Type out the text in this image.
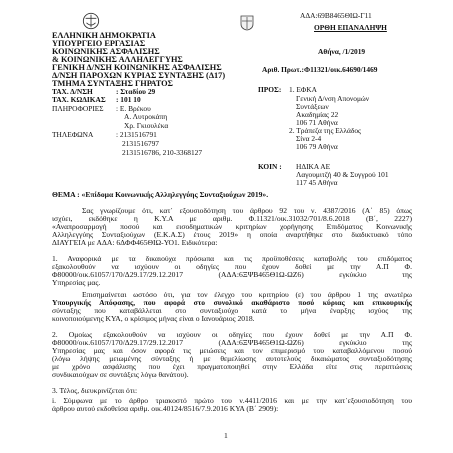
ΑΔΑ:69Β8465ΘΙΩ-Γ11
ΟΡΘΗ ΕΠΑΝΑΛΗΨΗ
Αθήνα, /1/2019
Αριθ. Πρωτ.:Φ11321/οικ.64690/1469
ΕΛΛΗΝΙΚΗ ΔΗΜΟΚΡΑΤΙΑ
ΥΠΟΥΡΓΕΙΟ ΕΡΓΑΣΙΑΣ
ΚΟΙΝΩΝΙΚΗΣ ΑΣΦΑΛΙΣΗΣ
& ΚΟΙΝΩΝΙΚΗΣ ΑΛΛΗΛΕΓΓΥΗΣ
ΓΕΝΙΚΗ Δ/ΝΣΗ ΚΟΙΝΩΝΙΚΗΣ ΑΣΦΑΛΙΣΗΣ
Δ/ΝΣΗ ΠΑΡΟΧΩΝ ΚΥΡΙΑΣ ΣΥΝΤΑΞΗΣ (Δ17)
ΤΜΗΜΑ ΣΥΝΤΑΞΗΣ ΓΗΡΑΤΟΣ
ΤΑΧ. Δ/ΝΣΗ	: Σταδίου 29
ΤΑΧ. ΚΩΔΙΚΑΣ : 101 10
ΠΛΗΡΟΦΟΡΙΕΣ : Ε. Βρέκου
Α. Λυτροκάπη
Χρ. Γκιουλέκα
ΤΗΛΕΦΩΝΑ	: 2131516791
2131516797
2131516786, 210-3368127
ΠΡΟΣ: 1. ΕΦΚΑ
Γενική Δ/νση Απονομών
Συντάξεων
Ακαδημίας 22
106 71 Αθήνα
2. Τράπεζα της Ελλάδος
Σίνα 2-4
106 79 Αθήνα
ΚΟΙΝ : ΗΔΙΚΑ ΑΕ
Λαγουμιτζή 40 & Συγγρού 101
117 45 Αθήνα
ΘΕΜΑ : «Επίδομα Κοινωνικής Αλληλεγγύης Συνταξιούχων 2019».
Σας γνωρίζουμε ότι, κατ᾽ εξουσιοδότηση του άρθρου 92 του ν. 4387/2016 (Α΄ 85) όπως
ισχύει, εκδόθηκε η Κ.Υ.Α με αριθμ. Φ.11321/οικ.31032/701/8.6.2018 (Β΄, 2227)
«Αναπροσαρμογή ποσού και εισοδηματικών κριτηρίων χορήγησης Επιδόματος Κοινωνικής
Αλληλεγγύης Συνταξιούχων (Ε.Κ.Α.Σ) έτους 2019» η οποία αναρτήθηκε στο διαδικτυακό τόπο
ΔΙΑΥΓΕΙΑ με ΑΔΑ: 6ΔΦΦ465ΘΙΩ-ΥΟ1. Ειδικότερα:
1. Αναφορικά με τα δικαιούχα πρόσωπα και τις προϋποθέσεις καταβολής του επιδόματος
εξακολουθούν να ισχύουν οι οδηγίες που έχουν δοθεί με την Α.Π Φ.
Φ80000/οικ.61057/170/Δ29.17/29.12.2017 (ΑΔΑ:6ΞΨΒ465Θ1Ω-ΩΖ6) εγκύκλιο της
Υπηρεσίας μας.
Επισημαίνεται ωστόσο ότι, για τον έλεγχο του κριτηρίου (ε) του άρθρου 1 της ανωτέρω
Υπουργικής Απόφασης, που αφορά στο συνολικό ακαθάριστο ποσό κύριας και επικουρικής
σύνταξης που καταβάλλεται στο συνταξιούχο κατά το μήνα έναρξης ισχύος της
κοινοποιούμενης ΚΥΑ, ο κρίσιμος μήνας είναι ο Ιανουάριος 2018.
2. Ομοίως εξακολουθούν να ισχύουν οι οδηγίες που έχουν δοθεί με την Α.Π Φ.
Φ80000/οικ.61057/170/Δ29.17/29.12.2017 (ΑΔΑ:6ΞΨΒ465Θ1Ω-ΩΖ6) εγκύκλιο της
Υπηρεσίας μας και όσον αφορά τις μειώσεις και τον επιμερισμό του καταβαλλόμενου ποσού
(λόγω λήψης μειωμένης σύνταξης ή με θεμελίωσης αυτοτελούς δικαιώματος συνταξιοδότησης
με χρόνο ασφάλισης που έχει πραγματοποιηθεί στην Ελλάδα είτε στις περιπτώσεις
συνδικαιούχων σε συντάξεις λόγω θανάτου).
3. Τέλος, διευκρινίζεται ότι:
i. Σύμφωνα με το άρθρο τριακοστό πρώτο του ν.4411/2016 και με την κατ᾽εξουσιοδότηση του
άρθρου αυτού εκδοθείσα αριθμ. οικ.40124/8516/7.9.2016 ΚΥΑ (Β΄ 2909):
1
